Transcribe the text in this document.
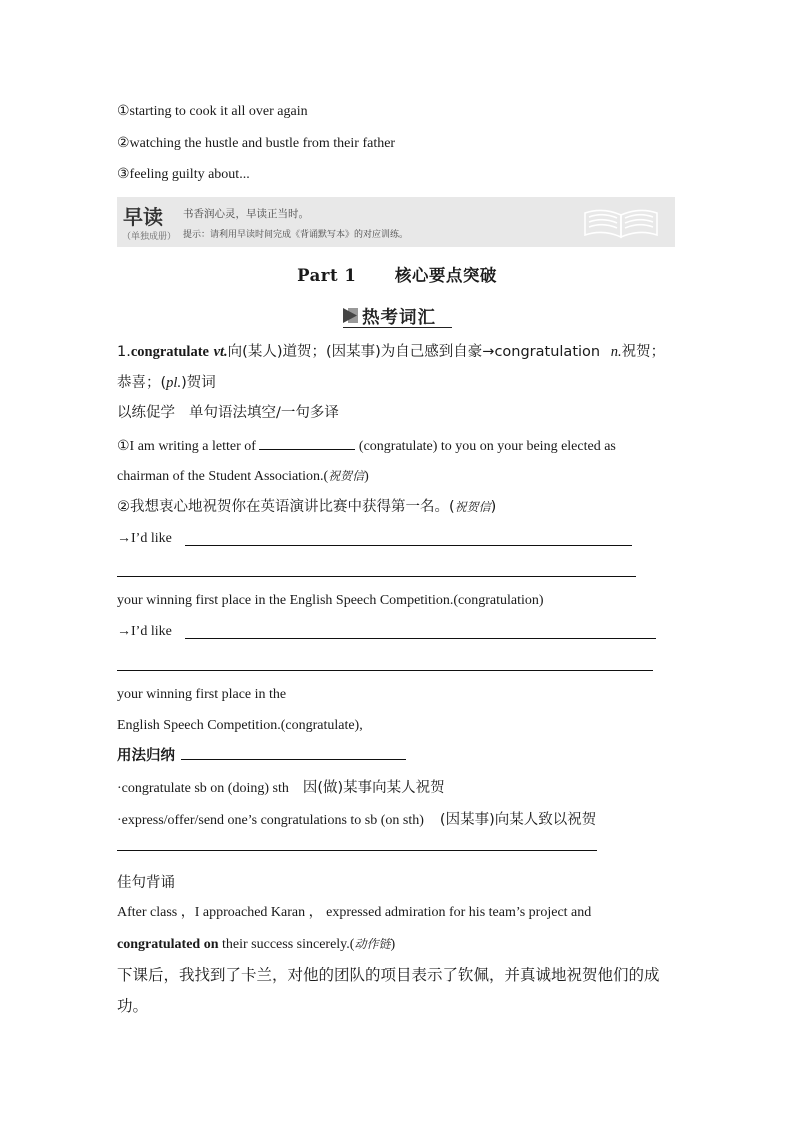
①starting to cook it all over again
②watching the hustle and bustle from their father
③feeling guilty about...
早读
（单独成册）
书香润心灵，早读正当时。
提示：请利用早读时间完成《背诵默写本》的对应训练。
Part 1 核心要点突破
热考词汇
1.congratulate vt.向(某人)道贺；(因某事)为自己感到自豪→congratulation n.祝贺；
恭喜；(pl.)贺词
以练促学 单句语法填空/一句多译
①I am writing a letter of	(congratulate) to you on your being elected as
chairman of the Student Association.(祝贺信)
②我想衷心地祝贺你在英语演讲比赛中获得第一名。(祝贺信)
→I’d like
your winning first place in the English Speech Competition.(congratulation)
→I’d like
your winning first place in the
English Speech Competition.(congratulate),
用法归纳
·congratulate sb on (doing) sth 因(做)某事向某人祝贺
·express/offer/send one’s congratulations to sb (on sth) (因某事)向某人致以祝贺
佳句背诵
After class ，I approached Karan ， expressed admiration for his team’s project and
congratulated on their success sincerely.(动作链)
下课后，我找到了卡兰，对他的团队的项目表示了钦佩，并真诚地祝贺他们的成
功。
